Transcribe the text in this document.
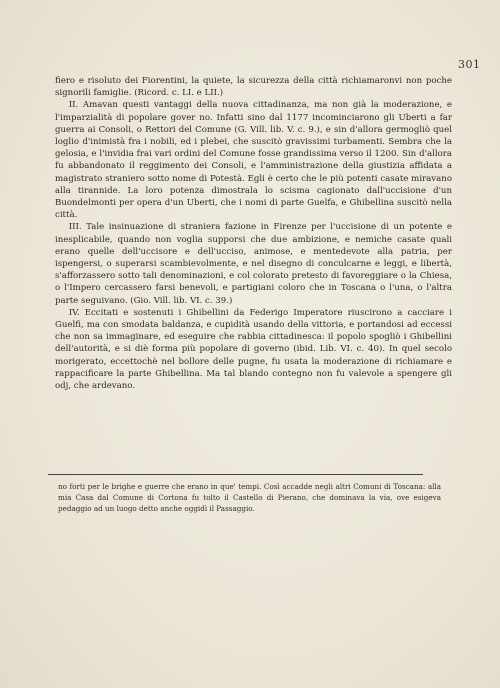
301

fiero e risoluto dei Fiorentini, la quiete, la sicurezza della città richiamaronvi non poche signorili famiglie. (Ricord. c. LI. e LII.)

II. Amavan questi vantaggi della nuova cittadinanza, ma non già la moderazione, e l'imparzialità di popolare gover no. Infatti sino dal 1177 incominciarono gli Uberti a far guerra ai Consoli, o Rettori del Comune (G. Vill. lib. V. c. 9.), e sin d'allora germogliò quel loglio d'inimistà fra i nobili, ed i plebei, che suscitò gravissimi turbamenti. Sembra che la gelosia, e l'invidia frai vari ordini del Comune fosse grandissima verso il 1200. Sin d'allora fu abbandonato il reggimento dei Consoli, e l'amministrazione della giustizia affidata a magistrato straniero sotto nome di Potestà. Egli è certo che le più potenti casate miravano alla tirannide. La loro potenza dimostrala lo scisma cagionato dall'uccisione d'un Buondelmonti per opera d'un Uberti, che i nomi di parte Guelfa, e Ghibellina suscitò nella città.

III. Tale insinuazione di straniera fazione in Firenze per l'uccisione di un potente e inesplicabile, quando non voglia supporsi che due ambizione, e nemiche casate quali erano quelle dell'uccisore e dell'ucciso, animose, e mentedevote alla patria, per ispengersi, o superarsi scambievolmente, e nel disegno di conculcarne e leggi, e libertà, s'afforzassero sotto tali denominazioni, e col colorato pretesto di favoreggiare o la Chiesa, o l'Impero cercassero farsi benevoli, e partigiani coloro che in Toscana o l'una, o l'altra parte seguivano. (Gio. Vill. lib. VI. c. 39.)

IV. Eccitati e sostenuti i Ghibellini da Federigo Imperatore riuscirono a cacciare i Guelfi, ma con smodata baldanza, e cupidità usando della vittoria, e portandosi ad eccessi che non sa immaginare, ed eseguire che rabbia cittadinesca: il popolo spogliò i Ghibellini dell'autorità, e si diè forma più popolare di governo (ibid. Lib. VI. c. 40). In quel secolo morigerato, eccettochè nel bollore delle pugne, fu usata la moderazione di richiamare e rappacificare la parte Ghibellina. Ma tal blando contegno non fu valevole a spengere gli odj, che ardevano.

no forti per le brighe e guerre che erano in que' tempi. Così accadde negli altri Comuni di Toscana: alla mia Casa dal Comune di Cortona fu tolto il Castello di Pierano, che dominava la via, ove esigeva pedaggio ad un luogo detto anche oggidì il Passaggio.
